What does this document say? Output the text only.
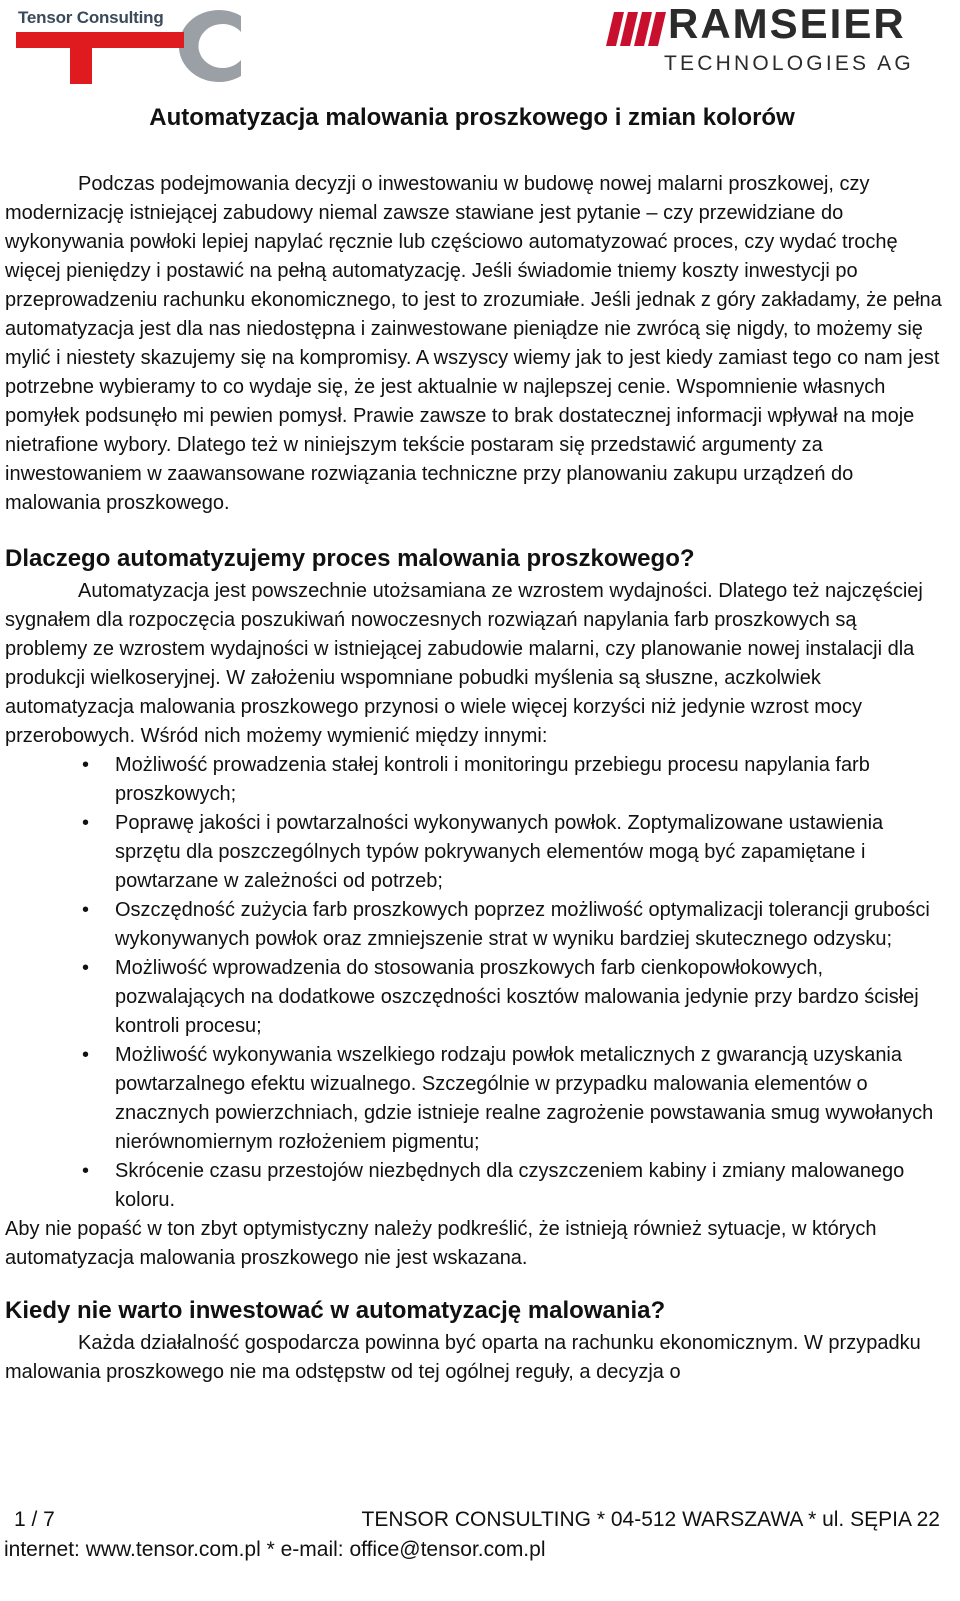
Tensor Consulting	RAMSEIER
TECHNOLOGIES AG
Automatyzacja malowania proszkowego i zmian kolorów

Podczas podejmowania decyzji o inwestowaniu w budowę nowej malarni proszkowej, czy modernizację istniejącej zabudowy niemal zawsze stawiane jest pytanie – czy przewidziane do wykonywania powłoki lepiej napylać ręcznie lub częściowo automatyzować proces, czy wydać trochę więcej pieniędzy i postawić na pełną automatyzację. Jeśli świadomie tniemy koszty inwestycji po przeprowadzeniu rachunku ekonomicznego, to jest to zrozumiałe. Jeśli jednak z góry zakładamy, że pełna automatyzacja jest dla nas niedostępna i zainwestowane pieniądze nie zwrócą się nigdy, to możemy się mylić i niestety skazujemy się na kompromisy. A wszyscy wiemy jak to jest kiedy zamiast tego co nam jest potrzebne wybieramy to co wydaje się, że jest aktualnie w najlepszej cenie. Wspomnienie własnych pomyłek podsunęło mi pewien pomysł. Prawie zawsze to brak dostatecznej informacji wpływał na moje nietrafione wybory. Dlatego też w niniejszym tekście postaram się przedstawić argumenty za inwestowaniem w zaawansowane rozwiązania techniczne przy planowaniu zakupu urządzeń do malowania proszkowego.

Dlaczego automatyzujemy proces malowania proszkowego?

Automatyzacja jest powszechnie utożsamiana ze wzrostem wydajności. Dlatego też najczęściej sygnałem dla rozpoczęcia poszukiwań nowoczesnych rozwiązań napylania farb proszkowych są problemy ze wzrostem wydajności w istniejącej zabudowie malarni, czy planowanie nowej instalacji dla produkcji wielkoseryjnej. W założeniu wspomniane pobudki myślenia są słuszne, aczkolwiek automatyzacja malowania proszkowego przynosi o wiele więcej korzyści niż jedynie wzrost mocy przerobowych. Wśród nich możemy wymienić między innymi:

• Możliwość prowadzenia stałej kontroli i monitoringu przebiegu procesu napylania farb proszkowych;
• Poprawę jakości i powtarzalności wykonywanych powłok. Zoptymalizowane ustawienia sprzętu dla poszczególnych typów pokrywanych elementów mogą być zapamiętane i powtarzane w zależności od potrzeb;
• Oszczędność zużycia farb proszkowych poprzez możliwość optymalizacji tolerancji grubości wykonywanych powłok oraz zmniejszenie strat w wyniku bardziej skutecznego odzysku;
• Możliwość wprowadzenia do stosowania proszkowych farb cienkopowłokowych, pozwalających na dodatkowe oszczędności kosztów malowania jedynie przy bardzo ścisłej kontroli procesu;
• Możliwość wykonywania wszelkiego rodzaju powłok metalicznych z gwarancją uzyskania powtarzalnego efektu wizualnego. Szczególnie w przypadku malowania elementów o znacznych powierzchniach, gdzie istnieje realne zagrożenie powstawania smug wywołanych nierównomiernym rozłożeniem pigmentu;
• Skrócenie czasu przestojów niezbędnych dla czyszczeniem kabiny i zmiany malowanego koloru.

Aby nie popaść w ton zbyt optymistyczny należy podkreślić, że istnieją również sytuacje, w których automatyzacja malowania proszkowego nie jest wskazana.

Kiedy nie warto inwestować w automatyzację malowania?

Każda działalność gospodarcza powinna być oparta na rachunku ekonomicznym. W przypadku malowania proszkowego nie ma odstępstw od tej ogólnej reguły, a decyzja o

1 / 7	TENSOR CONSULTING * 04-512 WARSZAWA * ul. SĘPIA 22
internet: www.tensor.com.pl * e-mail: office@tensor.com.pl
